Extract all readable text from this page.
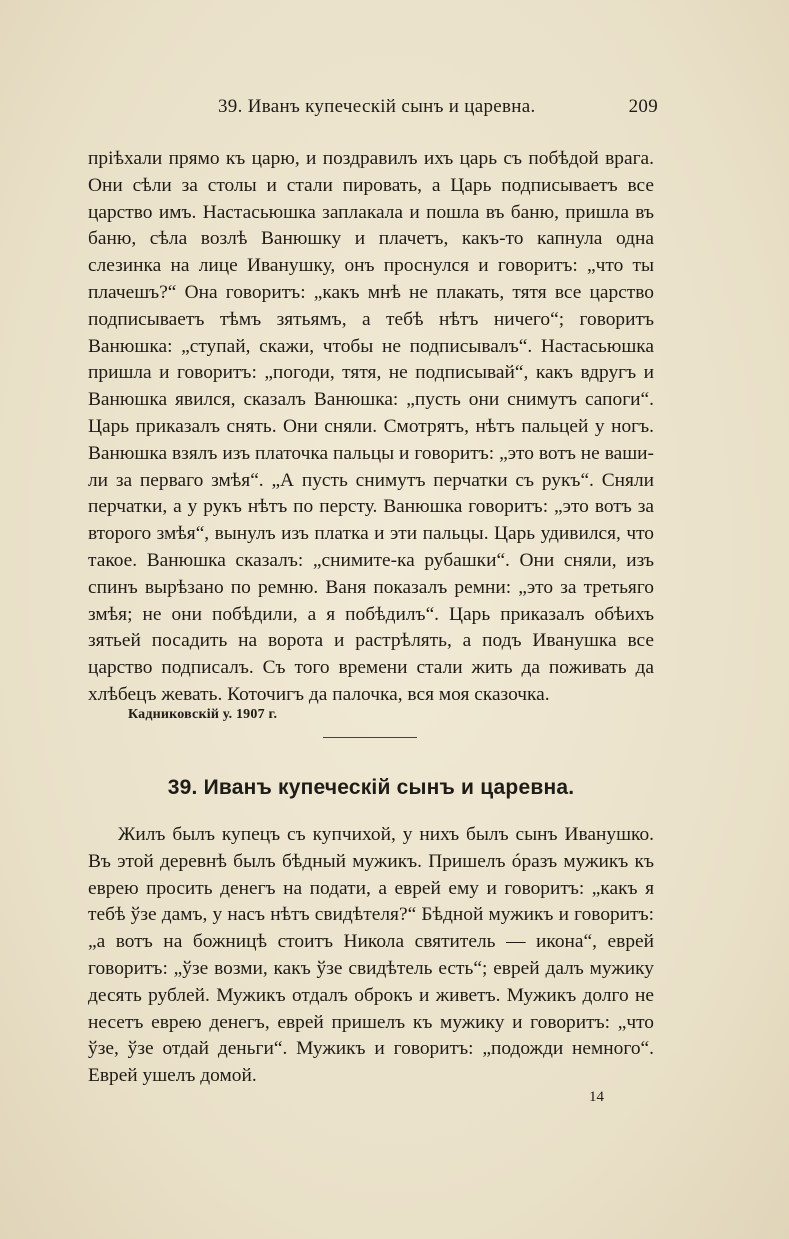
39. Иванъ купеческій сынъ и царевна.	209

пріѣхали прямо къ царю, и поздравилъ ихъ царь съ побѣдой врага. Они сѣли за столы и стали пировать, а Царь подписываетъ все царство имъ. Настасьюшка заплакала и пошла въ баню, пришла въ баню, сѣла возлѣ Ванюшку и плачетъ, какъ-то капнула одна слезинка на лице Иванушку, онъ проснулся и говоритъ: „что ты плачешъ?“ Она говоритъ: „какъ мнѣ не плакать, тятя все царство подписываетъ тѣмъ зятьямъ, а тебѣ нѣтъ ничего“; говоритъ Ванюшка: „ступай, скажи, чтобы не подписывалъ“. Настасьюшка пришла и говоритъ: „погоди, тятя, не подписывай“, какъ вдругъ и Ванюшка явился, сказалъ Ванюшка: „пусть они снимутъ сапоги“. Царь приказалъ снять. Они сняли. Смотрятъ, нѣтъ пальцей у ногъ. Ванюшка взялъ изъ платочка пальцы и говоритъ: „это вотъ не ваши-ли за перваго змѣя“. „А пусть снимутъ перчатки съ рукъ“. Сняли перчатки, а у рукъ нѣтъ по персту. Ванюшка говоритъ: „это вотъ за второго змѣя“, вынулъ изъ платка и эти пальцы. Царь удивился, что такое. Ванюшка сказалъ: „снимите-ка рубашки“. Они сняли, изъ спинъ вырѣзано по ремню. Ваня показалъ ремни: „это за третьяго змѣя; не они побѣдили, а я побѣдилъ“. Царь приказалъ обѣихъ зятьей посадить на ворота и растрѣлять, а подъ Иванушка все царство подписалъ. Съ того времени стали жить да поживать да хлѣбецъ жевать. Коточигъ да палочка, вся моя сказочка.

Кадниковскій у. 1907 г.
39. Иванъ купеческій сынъ и царевна.

Жилъ былъ купецъ съ купчихой, у нихъ былъ сынъ Иванушко. Въ этой деревнѣ былъ бѣдный мужикъ. Пришелъ óразъ мужикъ къ еврею просить денегъ на подати, а еврей ему и говоритъ: „какъ я тебѣ ўзе дамъ, у насъ нѣтъ свидѣтеля?“ Бѣдной мужикъ и говоритъ: „а вотъ на божницѣ стоитъ Никола святитель — икона“, еврей говоритъ: „ўзе возми, какъ ўзе свидѣтель есть“; еврей далъ мужику десять рублей. Мужикъ отдалъ оброкъ и живетъ. Мужикъ долго не несетъ еврею денегъ, еврей пришелъ къ мужику и говоритъ: „что ўзе, ўзе отдай деньги“. Мужикъ и говоритъ: „подожди немного“. Еврей ушелъ домой.

14
